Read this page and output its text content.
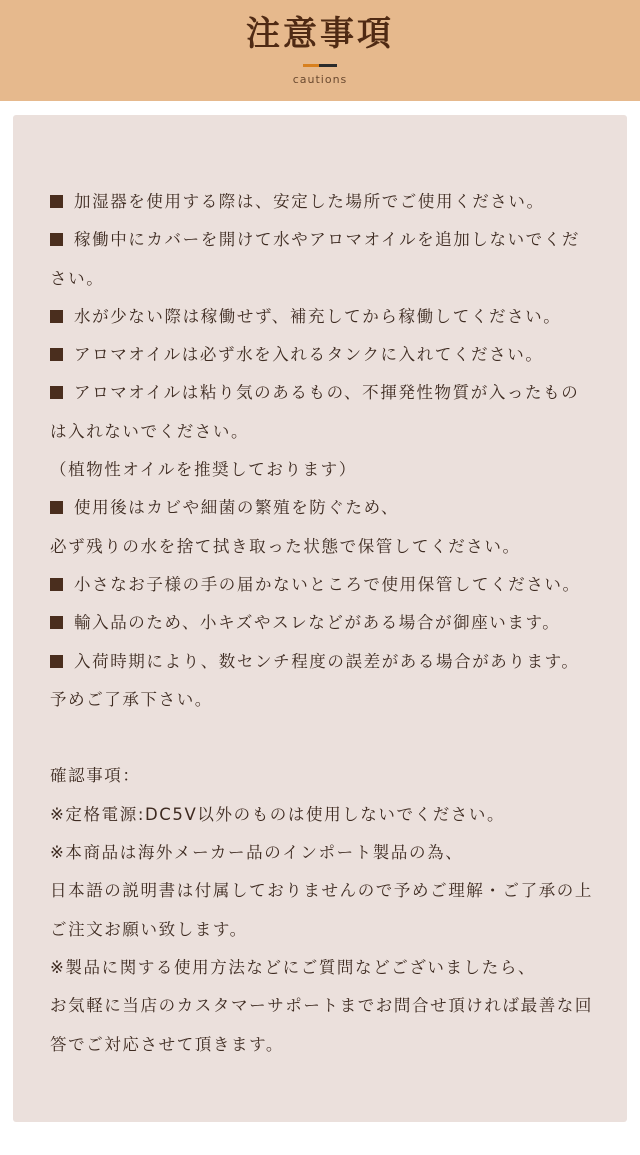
注意事項
cautions
加湿器を使用する際は、安定した場所でご使用ください。
稼働中にカバーを開けて水やアロマオイルを追加しないでくだ
さい。
水が少ない際は稼働せず、補充してから稼働してください。
アロマオイルは必ず水を入れるタンクに入れてください。
アロマオイルは粘り気のあるもの、不揮発性物質が入ったもの
は入れないでください。
（植物性オイルを推奨しております）
使用後はカビや細菌の繁殖を防ぐため、
必ず残りの水を捨て拭き取った状態で保管してください。
小さなお子様の手の届かないところで使用保管してください。
輸入品のため、小キズやスレなどがある場合が御座います。
入荷時期により、数センチ程度の誤差がある場合があります。
予めご了承下さい。
確認事項：
※定格電源:DC5V以外のものは使用しないでください。
※本商品は海外メーカー品のインポート製品の為、
日本語の説明書は付属しておりませんので予めご理解・ご了承の上
ご注文お願い致します。
※製品に関する使用方法などにご質問などございましたら、
お気軽に当店のカスタマーサポートまでお問合せ頂ければ最善な回
答でご対応させて頂きます。
